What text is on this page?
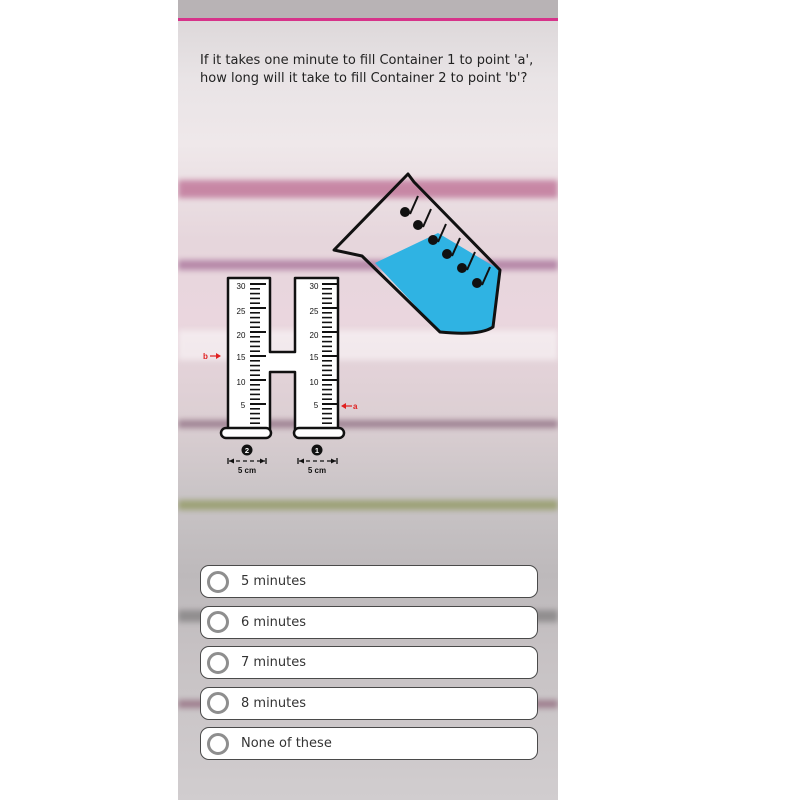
If it takes one minute to fill Container 1 to point 'a',
how long will it take to fill Container 2 to point 'b'?
30
25
20
15
10
5
30
25
20
15
10
5
b
a
2	1
5 cm	5 cm
5 minutes
6 minutes
7 minutes
8 minutes
None of these
